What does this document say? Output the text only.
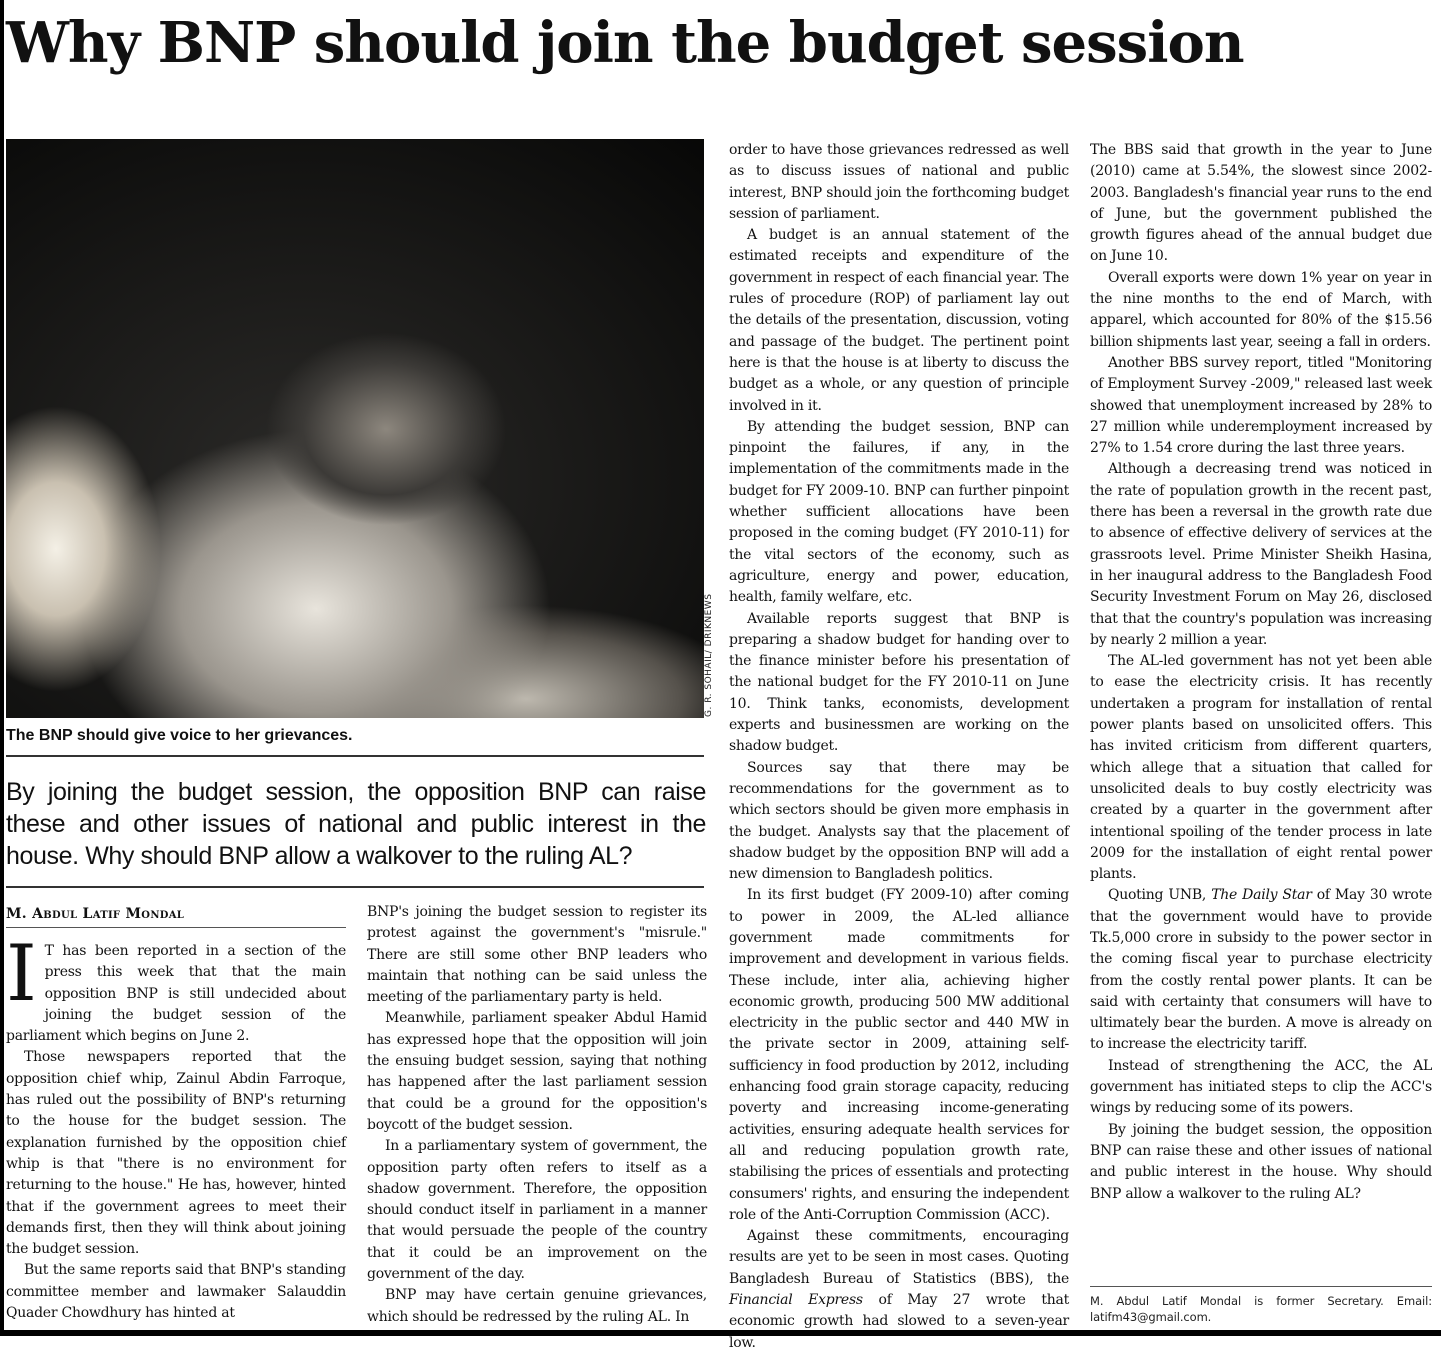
Why BNP should join the budget session
G. R. SOHAIL/ DRIKNEWS

The BNP should give voice to her grievances.

By joining the budget session, the opposition BNP can raise these and other issues of national and public interest in the house. Why should BNP allow a walkover to the ruling AL?

M. Abdul Latif Mondal

I T has been reported in a section of the press this week that that the main opposition BNP is still undecided about joining the budget session of the parliament which begins on June 2.

Those newspapers reported that the opposition chief whip, Zainul Abdin Farroque, has ruled out the possibility of BNP's returning to the house for the budget session. The explanation furnished by the opposition chief whip is that "there is no environment for returning to the house." He has, however, hinted that if the government agrees to meet their demands first, then they will think about joining the budget session.

But the same reports said that BNP's standing committee member and lawmaker Salauddin Quader Chowdhury has hinted at

BNP's joining the budget session to register its protest against the government's "misrule." There are still some other BNP leaders who maintain that nothing can be said unless the meeting of the parliamentary party is held.

Meanwhile, parliament speaker Abdul Hamid has expressed hope that the opposition will join the ensuing budget session, saying that nothing has happened after the last parliament session that could be a ground for the opposition's boycott of the budget session.

In a parliamentary system of government, the opposition party often refers to itself as a shadow government. Therefore, the opposition should conduct itself in parliament in a manner that would persuade the people of the country that it could be an improvement on the government of the day.

BNP may have certain genuine grievances, which should be redressed by the ruling AL. In

order to have those grievances redressed as well as to discuss issues of national and public interest, BNP should join the forthcoming budget session of parliament.

A budget is an annual statement of the estimated receipts and expenditure of the government in respect of each financial year. The rules of procedure (ROP) of parliament lay out the details of the presentation, discussion, voting and passage of the budget. The pertinent point here is that the house is at liberty to discuss the budget as a whole, or any question of principle involved in it.

By attending the budget session, BNP can pinpoint the failures, if any, in the implementation of the commitments made in the budget for FY 2009-10. BNP can further pinpoint whether sufficient allocations have been proposed in the coming budget (FY 2010-11) for the vital sectors of the economy, such as agriculture, energy and power, education, health, family welfare, etc.

Available reports suggest that BNP is preparing a shadow budget for handing over to the finance minister before his presentation of the national budget for the FY 2010-11 on June 10. Think tanks, economists, development experts and businessmen are working on the shadow budget.

Sources say that there may be recommendations for the government as to which sectors should be given more emphasis in the budget. Analysts say that the placement of shadow budget by the opposition BNP will add a new dimension to Bangladesh politics.

In its first budget (FY 2009-10) after coming to power in 2009, the AL-led alliance government made commitments for improvement and development in various fields. These include, inter alia, achieving higher economic growth, producing 500 MW additional electricity in the public sector and 440 MW in the private sector in 2009, attaining self-sufficiency in food production by 2012, including enhancing food grain storage capacity, reducing poverty and increasing income-generating activities, ensuring adequate health services for all and reducing population growth rate, stabilising the prices of essentials and protecting consumers' rights, and ensuring the independent role of the Anti-Corruption Commission (ACC).

Against these commitments, encouraging results are yet to be seen in most cases. Quoting Bangladesh Bureau of Statistics (BBS), the Financial Express of May 27 wrote that economic growth had slowed to a seven-year low.

The BBS said that growth in the year to June (2010) came at 5.54%, the slowest since 2002-2003. Bangladesh's financial year runs to the end of June, but the government published the growth figures ahead of the annual budget due on June 10.

Overall exports were down 1% year on year in the nine months to the end of March, with apparel, which accounted for 80% of the $15.56 billion shipments last year, seeing a fall in orders.

Another BBS survey report, titled "Monitoring of Employment Survey -2009," released last week showed that unemployment increased by 28% to 27 million while underemployment increased by 27% to 1.54 crore during the last three years.

Although a decreasing trend was noticed in the rate of population growth in the recent past, there has been a reversal in the growth rate due to absence of effective delivery of services at the grassroots level. Prime Minister Sheikh Hasina, in her inaugural address to the Bangladesh Food Security Investment Forum on May 26, disclosed that that the country's population was increasing by nearly 2 million a year.

The AL-led government has not yet been able to ease the electricity crisis. It has recently undertaken a program for installation of rental power plants based on unsolicited offers. This has invited criticism from different quarters, which allege that a situation that called for unsolicited deals to buy costly electricity was created by a quarter in the government after intentional spoiling of the tender process in late 2009 for the installation of eight rental power plants.

Quoting UNB, The Daily Star of May 30 wrote that the government would have to provide Tk.5,000 crore in subsidy to the power sector in the coming fiscal year to purchase electricity from the costly rental power plants. It can be said with certainty that consumers will have to ultimately bear the burden. A move is already on to increase the electricity tariff.

Instead of strengthening the ACC, the AL government has initiated steps to clip the ACC's wings by reducing some of its powers.

By joining the budget session, the opposition BNP can raise these and other issues of national and public interest in the house. Why should BNP allow a walkover to the ruling AL?

M. Abdul Latif Mondal is former Secretary. Email: latifm43@gmail.com.
